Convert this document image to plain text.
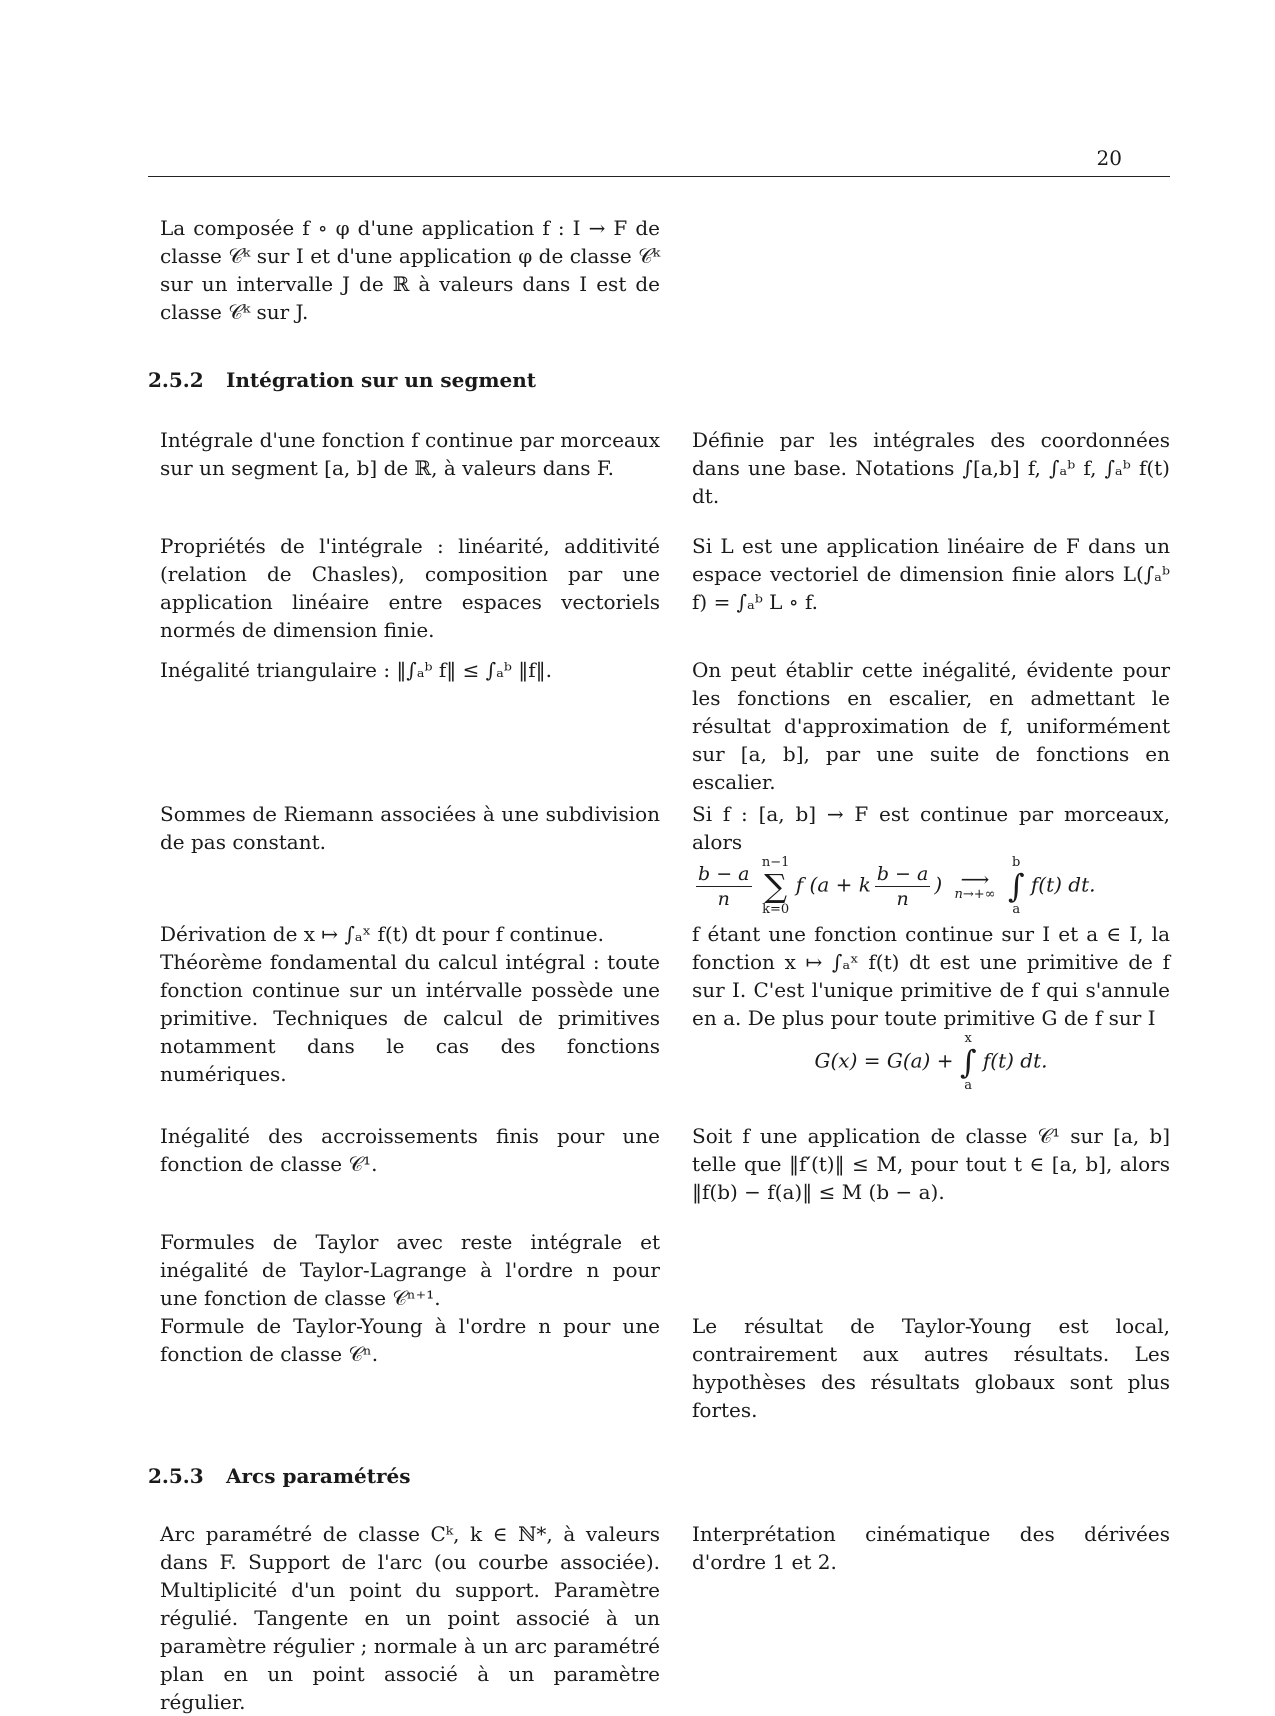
20

La composée f ∘ φ d'une application f : I → F de classe 𝒞ᵏ sur I et d'une application φ de classe 𝒞ᵏ sur un intervalle J de ℝ à valeurs dans I est de classe 𝒞ᵏ sur J.

2.5.2 Intégration sur un segment

Intégrale d'une fonction f continue par morceaux sur un segment [a, b] de ℝ, à valeurs dans F.

Définie par les intégrales des coordonnées dans une base. Notations ∫[a,b] f, ∫ₐᵇ f, ∫ₐᵇ f(t) dt.

Propriétés de l'intégrale : linéarité, additivité (relation de Chasles), composition par une application linéaire entre espaces vectoriels normés de dimension finie.

Si L est une application linéaire de F dans un espace vectoriel de dimension finie alors L(∫ₐᵇ f) = ∫ₐᵇ L ∘ f.

Inégalité triangulaire : ‖∫ₐᵇ f‖ ≤ ∫ₐᵇ ‖f‖.	On peut établir cette inégalité, évidente pour les fonctions en escalier, en admettant le résultat d'approximation de f, uniformément sur [a, b], par une suite de fonctions en escalier.

Sommes de Riemann associées à une subdivision de pas constant.

Si f : [a, b] → F est continue par morceaux, alors

$\frac{b - a}{n}$
n−1
∑
k=0
f (a + k $\frac{b - a}{n}$ ) ⟶
n→+∞

b
∫
a
f(t) dt.

Dérivation de x ↦ ∫ₐˣ f(t) dt pour f continue.

Théorème fondamental du calcul intégral : toute fonction continue sur un intérvalle possède une primitive. Techniques de calcul de primitives notamment dans le cas des fonctions numériques.

f étant une fonction continue sur I et a ∈ I, la fonction x ↦ ∫ₐˣ f(t) dt est une primitive de f sur I. C'est l'unique primitive de f qui s'annule en a. De plus pour toute primitive G de f sur I

G(x) = G(a) +
x
∫
a
f(t) dt.

Inégalité des accroissements finis pour une fonction de classe 𝒞¹.

Soit f une application de classe 𝒞¹ sur [a, b] telle que ‖f′(t)‖ ≤ M, pour tout t ∈ [a, b], alors ‖f(b) − f(a)‖ ≤ M (b − a).

Formules de Taylor avec reste intégrale et inégalité de Taylor-Lagrange à l'ordre n pour une fonction de classe 𝒞ⁿ⁺¹.

Formule de Taylor-Young à l'ordre n pour une fonction de classe 𝒞ⁿ.

Le résultat de Taylor-Young est local, contrairement aux autres résultats. Les hypothèses des résultats globaux sont plus fortes.

2.5.3 Arcs paramétrés

Arc paramétré de classe Cᵏ, k ∈ ℕ*, à valeurs dans F. Support de l'arc (ou courbe associée). Multiplicité d'un point du support. Paramètre régulié. Tangente en un point associé à un paramètre régulier ; normale à un arc paramétré plan en un point associé à un paramètre régulier.

Interprétation cinématique des dérivées d'ordre 1 et 2.
